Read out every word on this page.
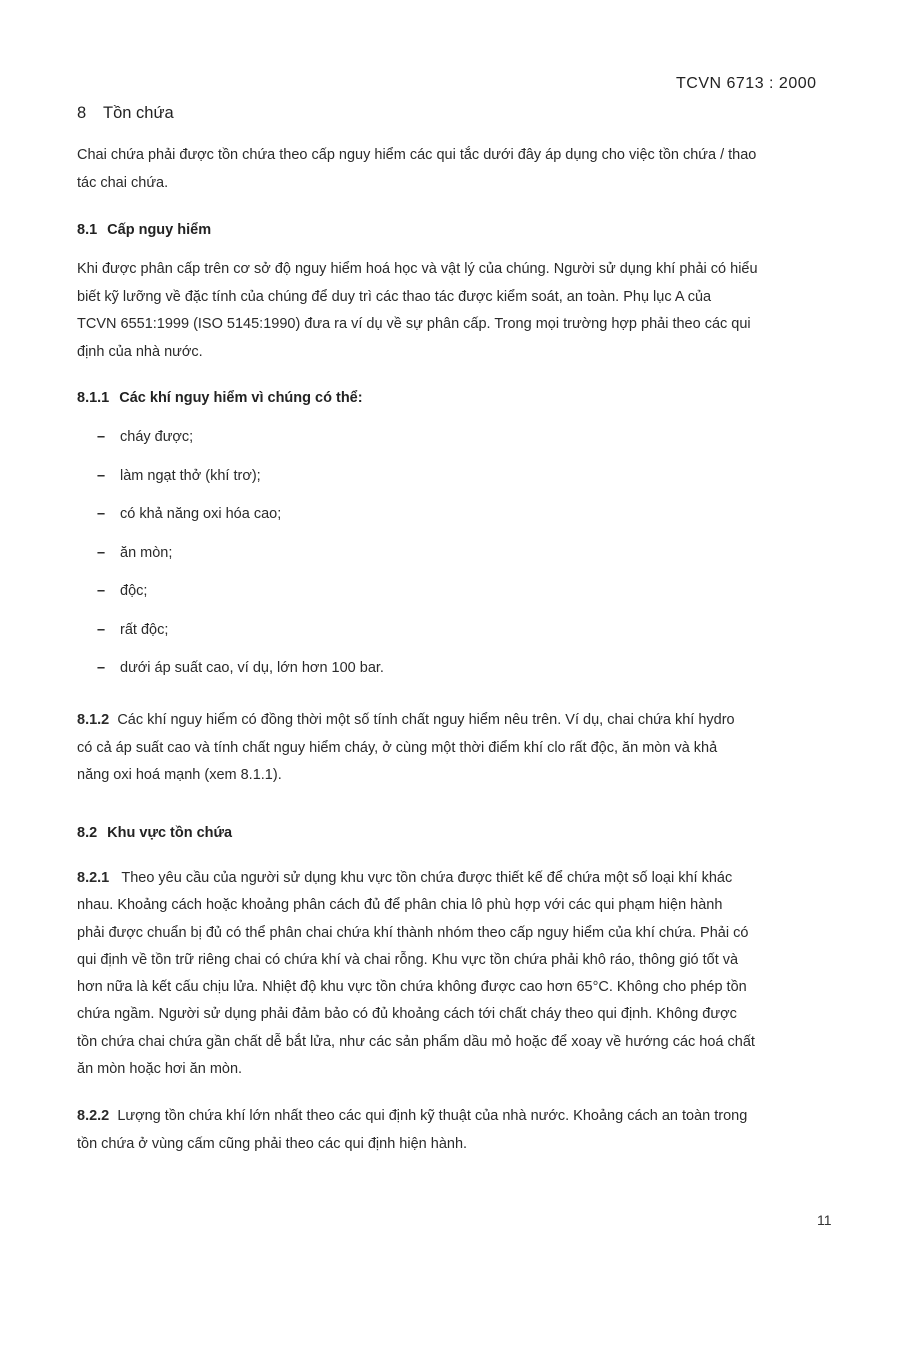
TCVN 6713 : 2000
8 Tồn chứa
Chai chứa phải được tồn chứa theo cấp nguy hiểm các qui tắc dưới đây áp dụng cho việc tồn chứa / thao
tác chai chứa.
8.1 Cấp nguy hiểm
Khi được phân cấp trên cơ sở độ nguy hiểm hoá học và vật lý của chúng. Người sử dụng khí phải có hiểu
biết kỹ lưỡng về đặc tính của chúng để duy trì các thao tác được kiểm soát, an toàn. Phụ lục A của
TCVN 6551:1999 (ISO 5145:1990) đưa ra ví dụ về sự phân cấp. Trong mọi trường hợp phải theo các qui
định của nhà nước.
8.1.1 Các khí nguy hiểm vì chúng có thể:
– cháy được;
– làm ngạt thở (khí trơ);
– có khả năng oxi hóa cao;
– ăn mòn;
– độc;
– rất độc;
– dưới áp suất cao, ví dụ, lớn hơn 100 bar.
8.1.2 Các khí nguy hiểm có đồng thời một số tính chất nguy hiểm nêu trên. Ví dụ, chai chứa khí hydro
có cả áp suất cao và tính chất nguy hiểm cháy, ở cùng một thời điểm khí clo rất độc, ăn mòn và khả
năng oxi hoá mạnh (xem 8.1.1).
8.2 Khu vực tồn chứa
8.2.1 Theo yêu cầu của người sử dụng khu vực tồn chứa được thiết kế để chứa một số loại khí khác
nhau. Khoảng cách hoặc khoảng phân cách đủ để phân chia lô phù hợp với các qui phạm hiện hành
phải được chuẩn bị đủ có thể phân chai chứa khí thành nhóm theo cấp nguy hiểm của khí chứa. Phải có
qui định về tồn trữ riêng chai có chứa khí và chai rỗng. Khu vực tồn chứa phải khô ráo, thông gió tốt và
hơn nữa là kết cấu chịu lửa. Nhiệt độ khu vực tồn chứa không được cao hơn 65°C. Không cho phép tồn
chứa ngầm. Người sử dụng phải đảm bảo có đủ khoảng cách tới chất cháy theo qui định. Không được
tồn chứa chai chứa gần chất dễ bắt lửa, như các sản phẩm dầu mỏ hoặc để xoay về hướng các hoá chất
ăn mòn hoặc hơi ăn mòn.
8.2.2 Lượng tồn chứa khí lớn nhất theo các qui định kỹ thuật của nhà nước. Khoảng cách an toàn trong
tồn chứa ở vùng cấm cũng phải theo các qui định hiện hành.
11
